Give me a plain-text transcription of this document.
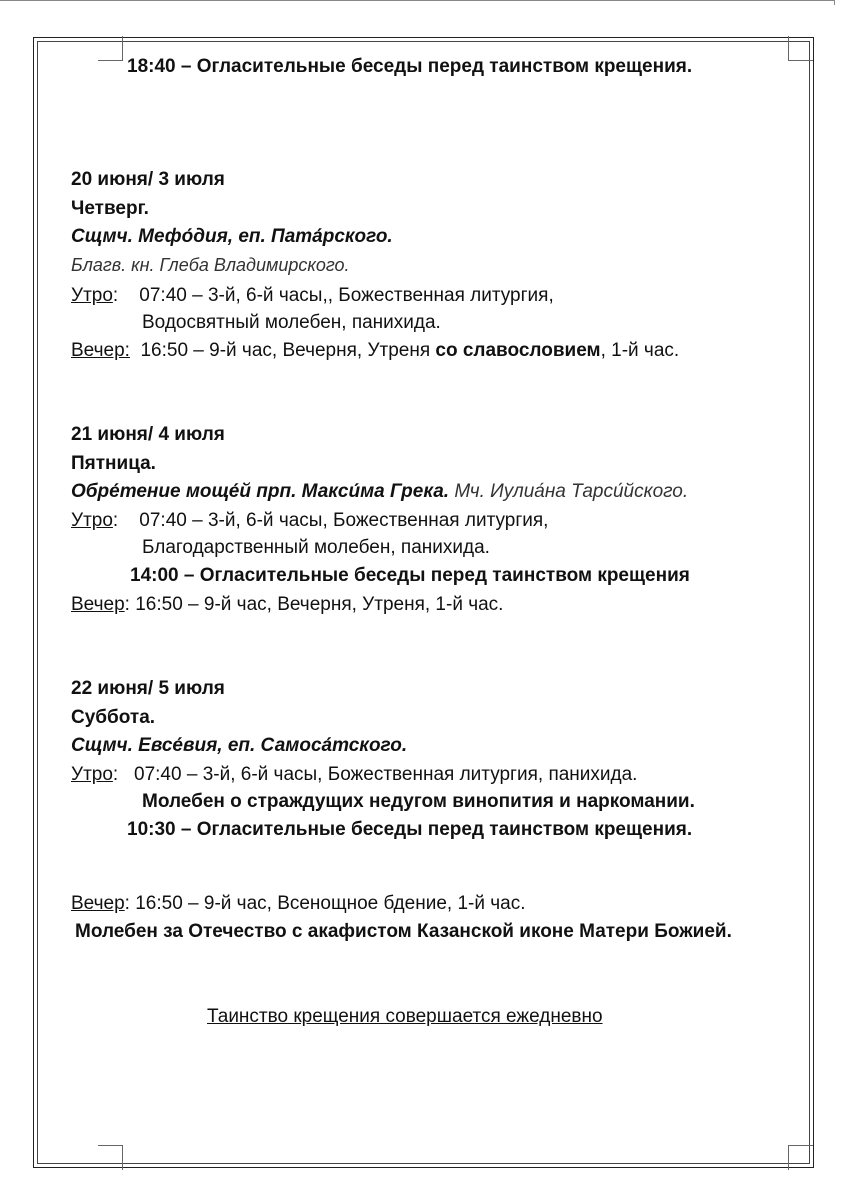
18:40 – Огласительные беседы перед таинством крещения.
20 июня/ 3 июля
Четверг.
Сщмч. Мефо́дия, еп. Пата́рского.
Благв. кн. Глеба Владимирского.
Утро:    07:40 – 3-й, 6-й часы,, Божественная литургия,
Водосвятный молебен, панихида.
Вечер:  16:50 – 9-й час, Вечерня, Утреня со славословием, 1-й час.
21 июня/ 4 июля
Пятница.
Обре́тение моще́й прп. Макси́ма Грека. Мч. Иулиа́на Тарси́йского.
Утро:    07:40 – 3-й, 6-й часы, Божественная литургия,
Благодарственный молебен, панихида.
14:00 – Огласительные беседы перед таинством крещения
Вечер: 16:50 – 9-й час, Вечерня, Утреня, 1-й час.
22 июня/ 5 июля
Суббота.
Сщмч. Евсе́вия, еп. Самоса́тского.
Утро:   07:40 – 3-й, 6-й часы, Божественная литургия, панихида.
Молебен о страждущих недугом винопития и наркомании.
10:30 – Огласительные беседы перед таинством крещения.
Вечер: 16:50 – 9-й час, Всенощное бдение, 1-й час.
Молебен за Отечество с акафистом Казанской иконе Матери Божией.
Таинство крещения совершается ежедневно
